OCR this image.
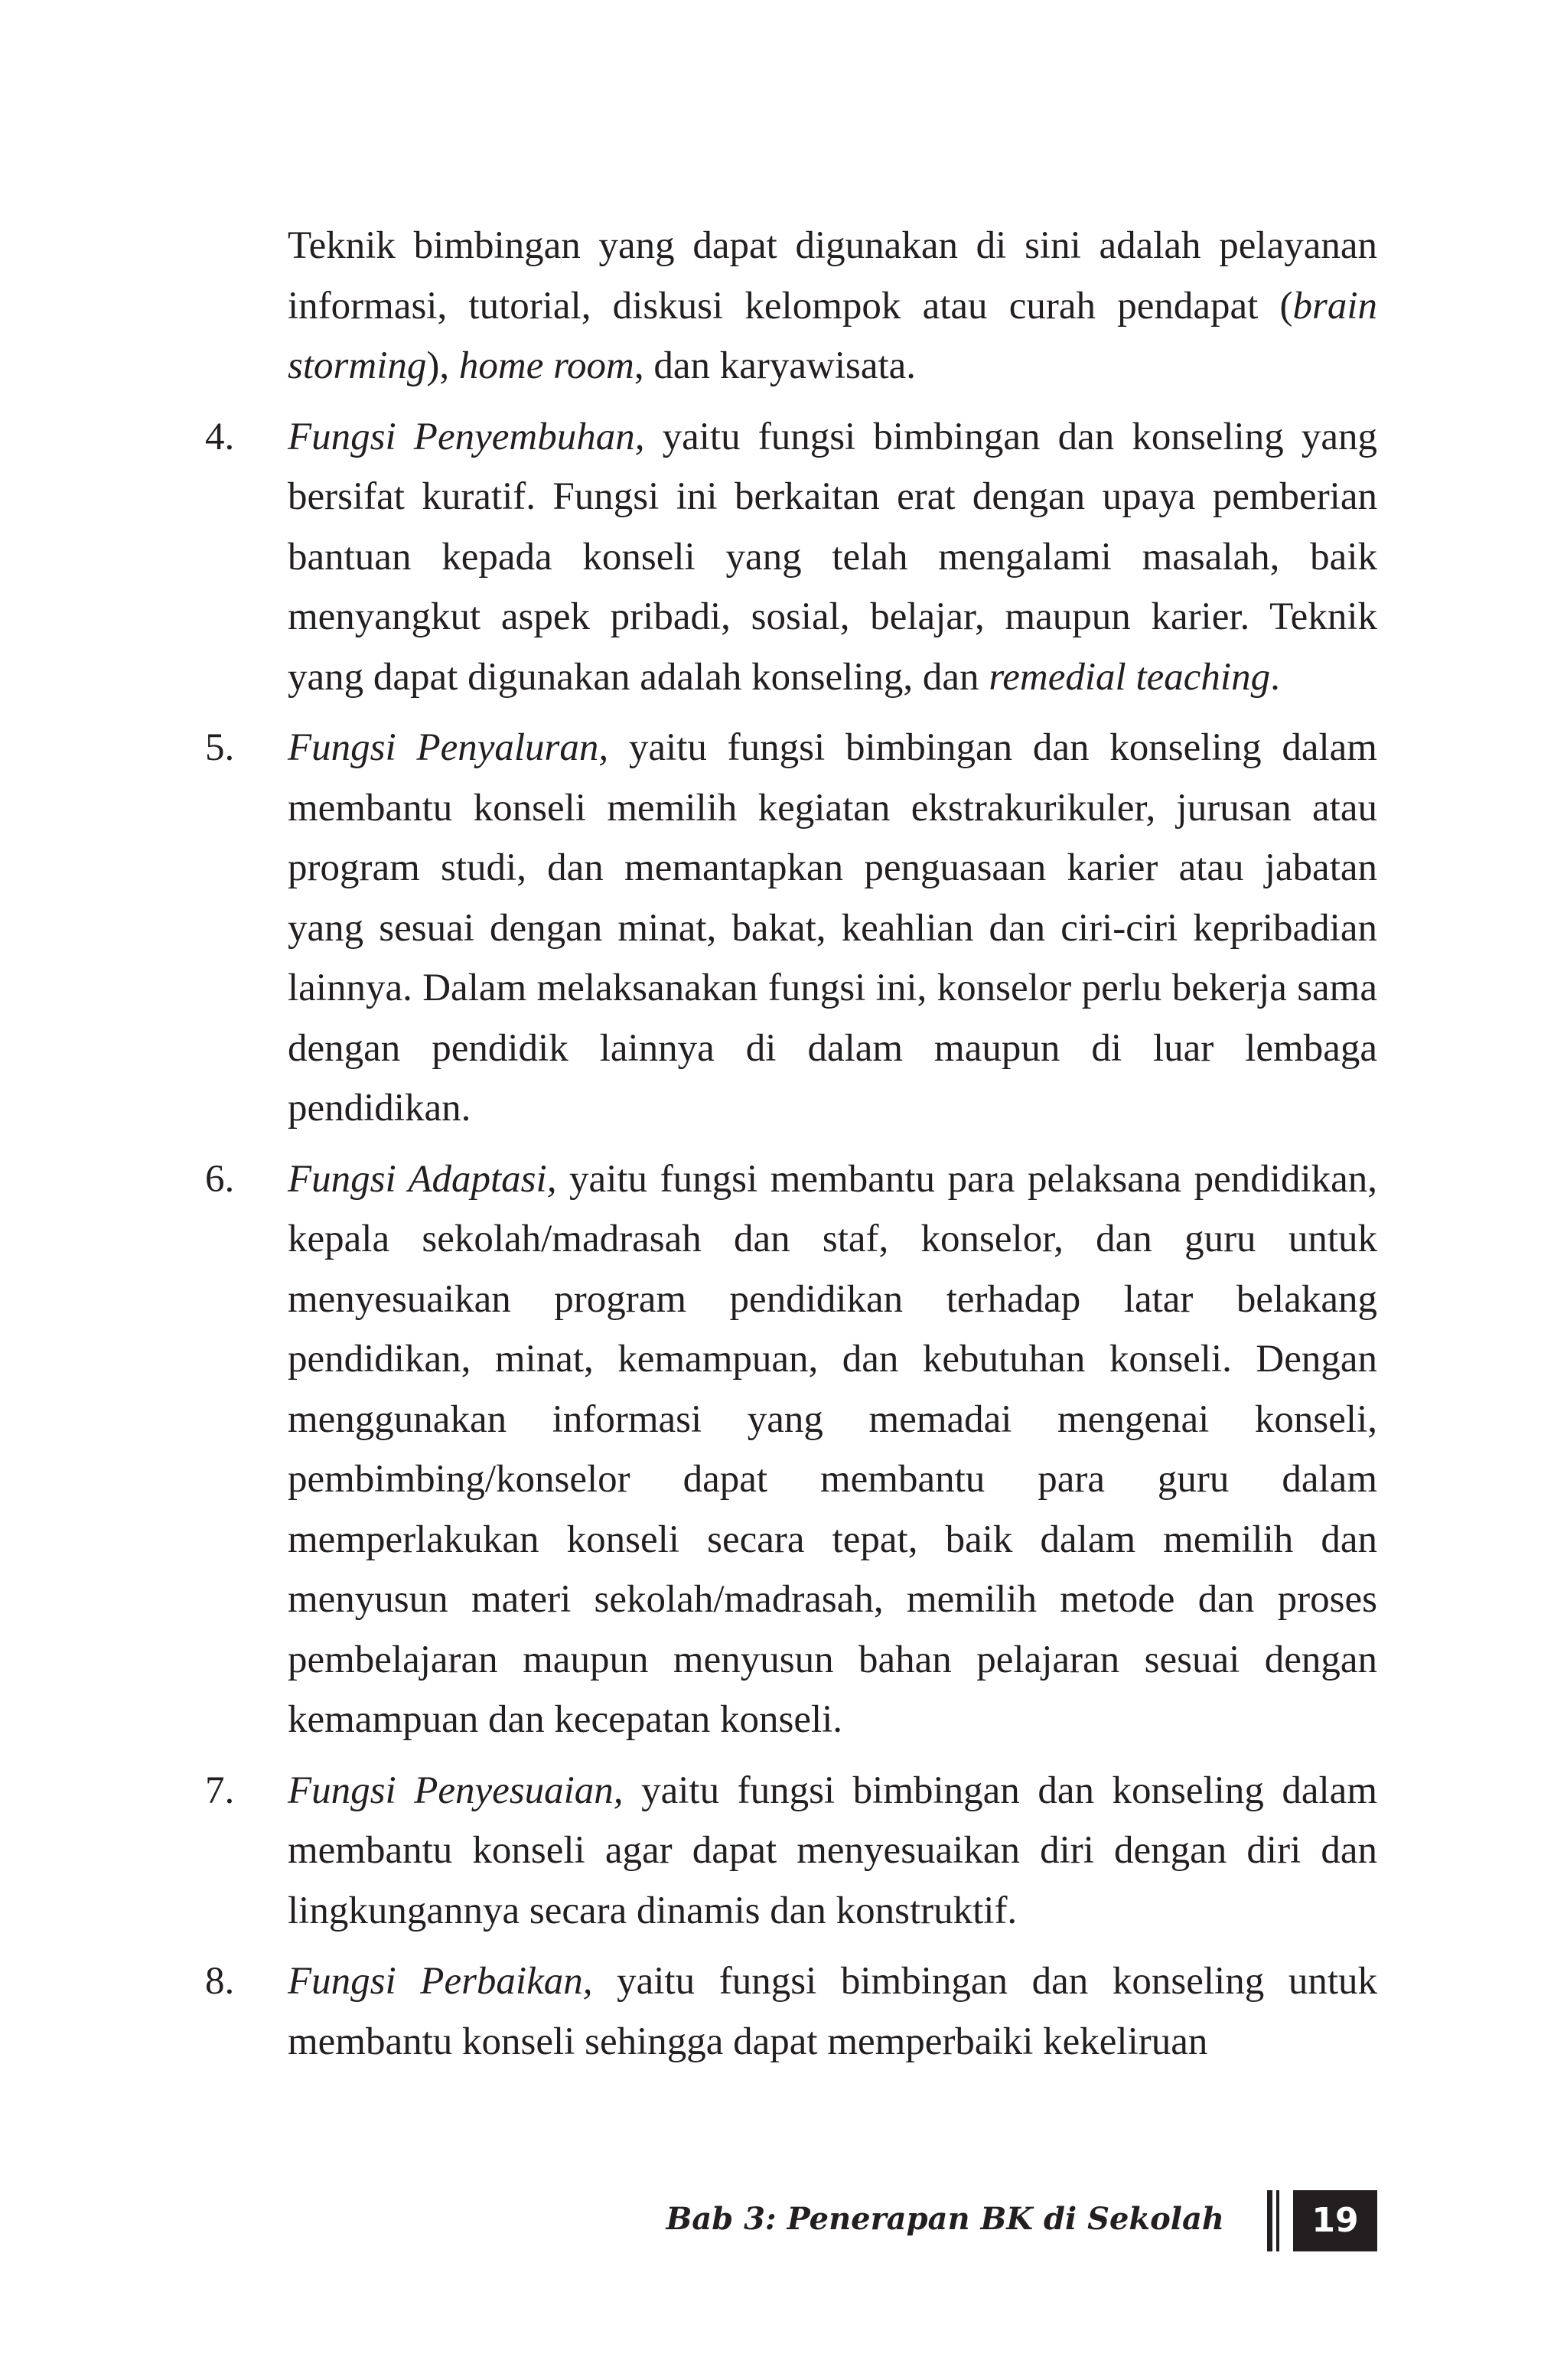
Teknik bimbingan yang dapat digunakan di sini adalah pelayanan informasi, tutorial, diskusi kelompok atau curah pendapat (brain storming), home room, dan karyawisata.

4.	Fungsi Penyembuhan, yaitu fungsi bimbingan dan konseling yang bersifat kuratif. Fungsi ini berkaitan erat dengan upaya pemberian bantuan kepada konseli yang telah mengalami masalah, baik menyangkut aspek pribadi, sosial, belajar, maupun karier. Teknik yang dapat digunakan adalah konseling, dan remedial teaching.
5.	Fungsi Penyaluran, yaitu fungsi bimbingan dan konseling dalam membantu konseli memilih kegiatan ekstrakurikuler, jurusan atau program studi, dan memantapkan penguasaan karier atau jabatan yang sesuai dengan minat, bakat, keahlian dan ciri-ciri kepribadian lainnya. Dalam melaksanakan fungsi ini, konselor perlu bekerja sama dengan pendidik lainnya di dalam maupun di luar lembaga pendidikan.
6.	Fungsi Adaptasi, yaitu fungsi membantu para pelaksana pendidikan, kepala sekolah/madrasah dan staf, konselor, dan guru untuk menyesuaikan program pendidikan terhadap latar belakang pendidikan, minat, kemampuan, dan kebutuhan konseli. Dengan menggunakan informasi yang memadai mengenai konseli, pembimbing/konselor dapat membantu para guru dalam memperlakukan konseli secara tepat, baik dalam memilih dan menyusun materi sekolah/madrasah, memilih metode dan proses pembelajaran maupun menyusun bahan pelajaran sesuai dengan kemampuan dan kecepatan konseli.
7.	Fungsi Penyesuaian, yaitu fungsi bimbingan dan konseling dalam membantu konseli agar dapat menyesuaikan diri dengan diri dan lingkungannya secara dinamis dan konstruktif.
8.	Fungsi Perbaikan, yaitu fungsi bimbingan dan konseling untuk membantu konseli sehingga dapat memperbaiki kekeliruan
Bab 3: Penerapan BK di Sekolah	19
